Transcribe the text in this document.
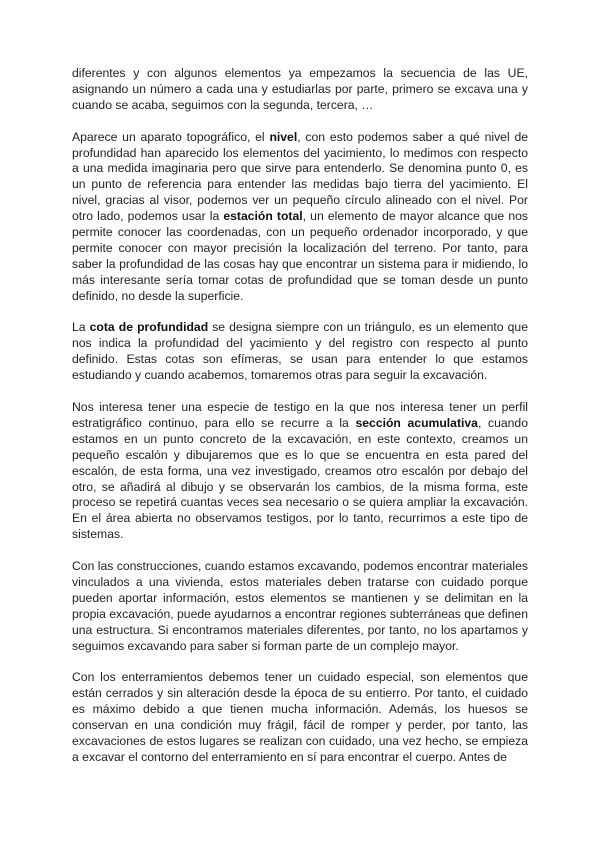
diferentes y con algunos elementos ya empezamos la secuencia de las UE, asignando un número a cada una y estudiarlas por parte, primero se excava una y cuando se acaba, seguimos con la segunda, tercera, …

Aparece un aparato topográfico, el nivel, con esto podemos saber a qué nivel de profundidad han aparecido los elementos del yacimiento, lo medimos con respecto a una medida imaginaria pero que sirve para entenderlo. Se denomina punto 0, es un punto de referencia para entender las medidas bajo tierra del yacimiento. El nivel, gracias al visor, podemos ver un pequeño círculo alineado con el nivel. Por otro lado, podemos usar la estación total, un elemento de mayor alcance que nos permite conocer las coordenadas, con un pequeño ordenador incorporado, y que permite conocer con mayor precisión la localización del terreno. Por tanto, para saber la profundidad de las cosas hay que encontrar un sistema para ir midiendo, lo más interesante sería tomar cotas de profundidad que se toman desde un punto definido, no desde la superficie.

La cota de profundidad se designa siempre con un triángulo, es un elemento que nos indica la profundidad del yacimiento y del registro con respecto al punto definido. Estas cotas son efímeras, se usan para entender lo que estamos estudiando y cuando acabemos, tomaremos otras para seguir la excavación.

Nos interesa tener una especie de testigo en la que nos interesa tener un perfil estratigráfico continuo, para ello se recurre a la sección acumulativa, cuando estamos en un punto concreto de la excavación, en este contexto, creamos un pequeño escalón y dibujaremos que es lo que se encuentra en esta pared del escalón, de esta forma, una vez investigado, creamos otro escalón por debajo del otro, se añadirá al dibujo y se observarán los cambios, de la misma forma, este proceso se repetirá cuantas veces sea necesario o se quiera ampliar la excavación. En el área abierta no observamos testigos, por lo tanto, recurrimos a este tipo de sistemas.

Con las construcciones, cuando estamos excavando, podemos encontrar materiales vinculados a una vivienda, estos materiales deben tratarse con cuidado porque pueden aportar información, estos elementos se mantienen y se delimitan en la propia excavación, puede ayudarnos a encontrar regiones subterráneas que definen una estructura. Si encontramos materiales diferentes, por tanto, no los apartamos y seguimos excavando para saber si forman parte de un complejo mayor.

Con los enterramientos debemos tener un cuidado especial, son elementos que están cerrados y sin alteración desde la época de su entierro. Por tanto, el cuidado es máximo debido a que tienen mucha información. Además, los huesos se conservan en una condición muy frágil, fácil de romper y perder, por tanto, las excavaciones de estos lugares se realizan con cuidado, una vez hecho, se empieza a excavar el contorno del enterramiento en sí para encontrar el cuerpo. Antes de
